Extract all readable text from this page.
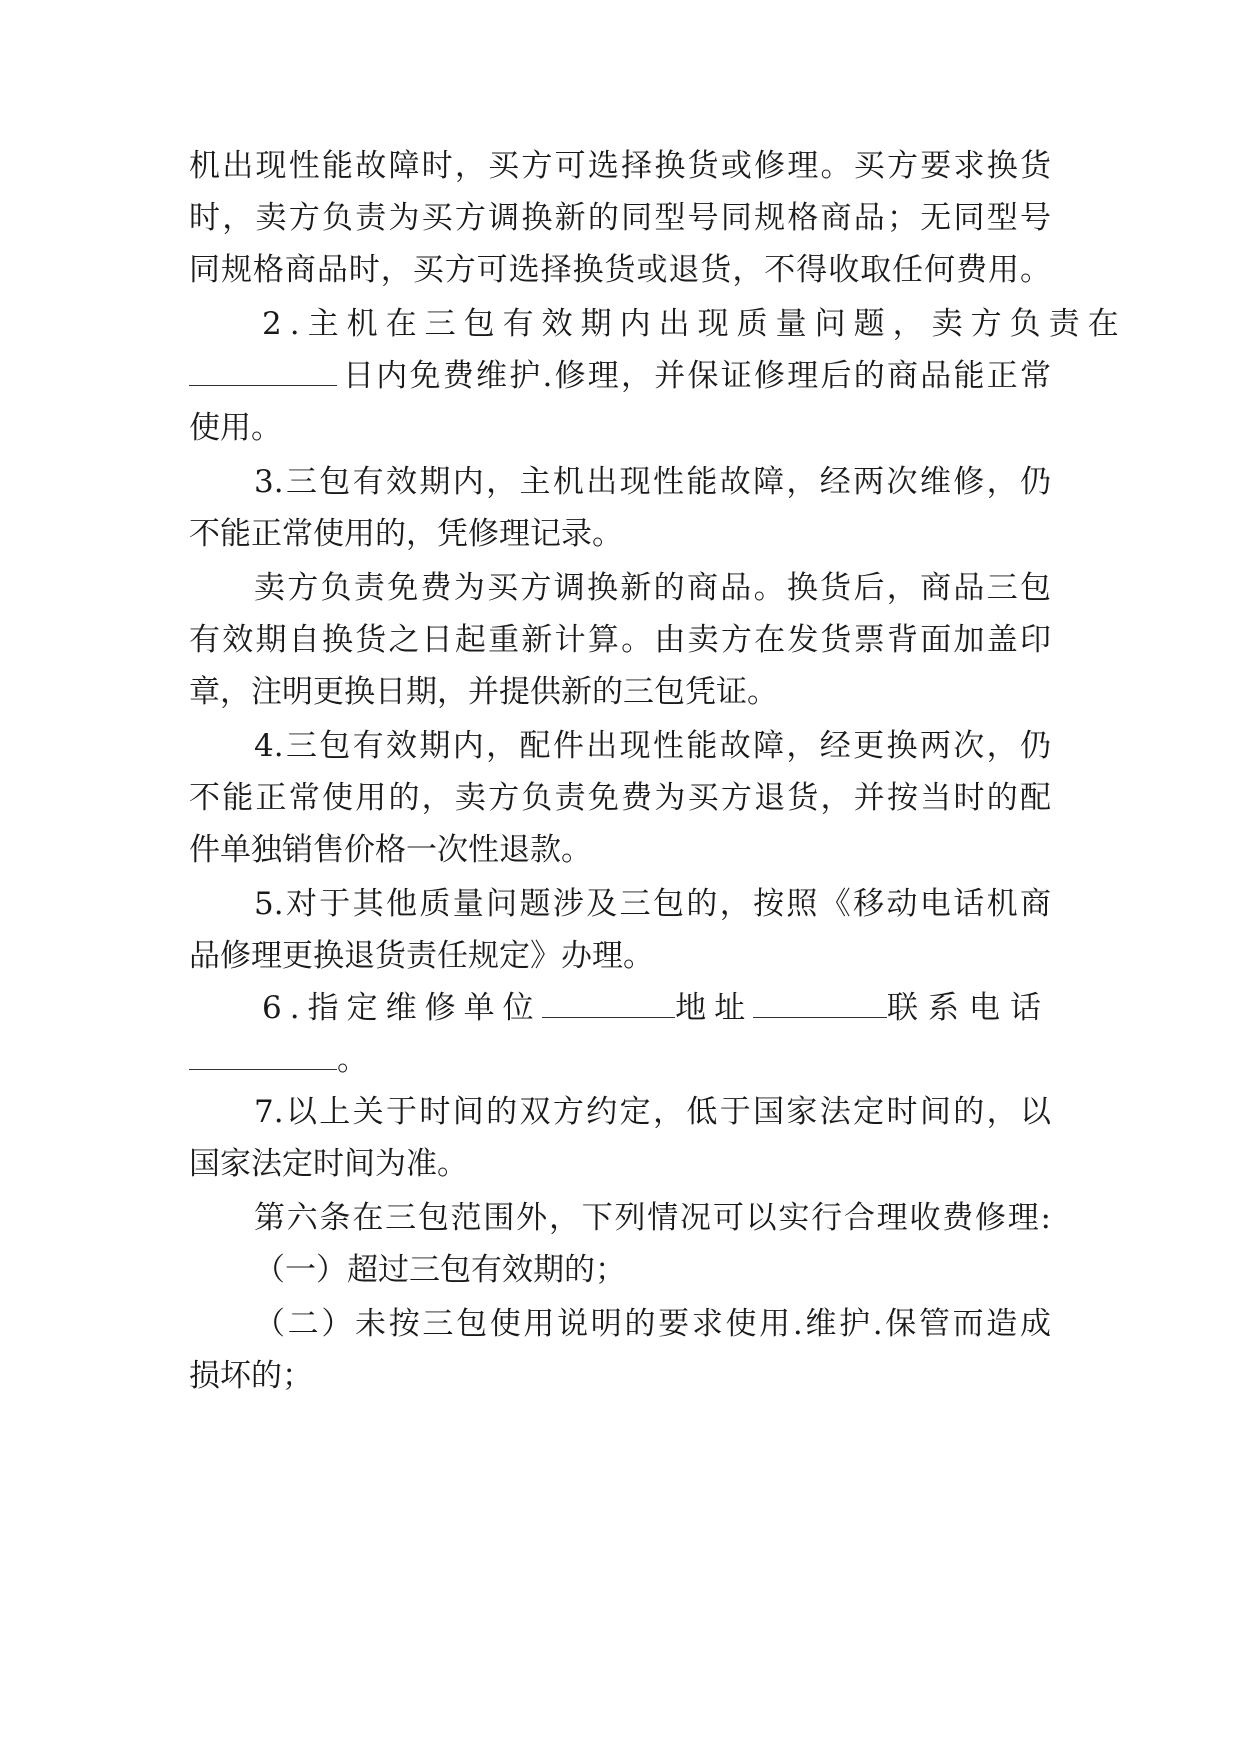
机出现性能故障时，买方可选择换货或修理。买方要求换货
时，卖方负责为买方调换新的同型号同规格商品；无同型号
同规格商品时，买方可选择换货或退货，不得收取任何费用。
2.主机在三包有效期内出现质量问题，卖方负责在
日内免费维护.修理，并保证修理后的商品能正常
使用。
3.三包有效期内，主机出现性能故障，经两次维修，仍
不能正常使用的，凭修理记录。
卖方负责免费为买方调换新的商品。换货后，商品三包
有效期自换货之日起重新计算。由卖方在发货票背面加盖印
章，注明更换日期，并提供新的三包凭证。
4.三包有效期内，配件出现性能故障，经更换两次，仍
不能正常使用的，卖方负责免费为买方退货，并按当时的配
件单独销售价格一次性退款。
5.对于其他质量问题涉及三包的，按照《移动电话机商
品修理更换退货责任规定》办理。
6.指定维修单位	地址	联系电话
。
7.以上关于时间的双方约定，低于国家法定时间的，以
国家法定时间为准。
第六条在三包范围外，下列情况可以实行合理收费修理:
（一）超过三包有效期的；
（二）未按三包使用说明的要求使用.维护.保管而造成
损坏的；
